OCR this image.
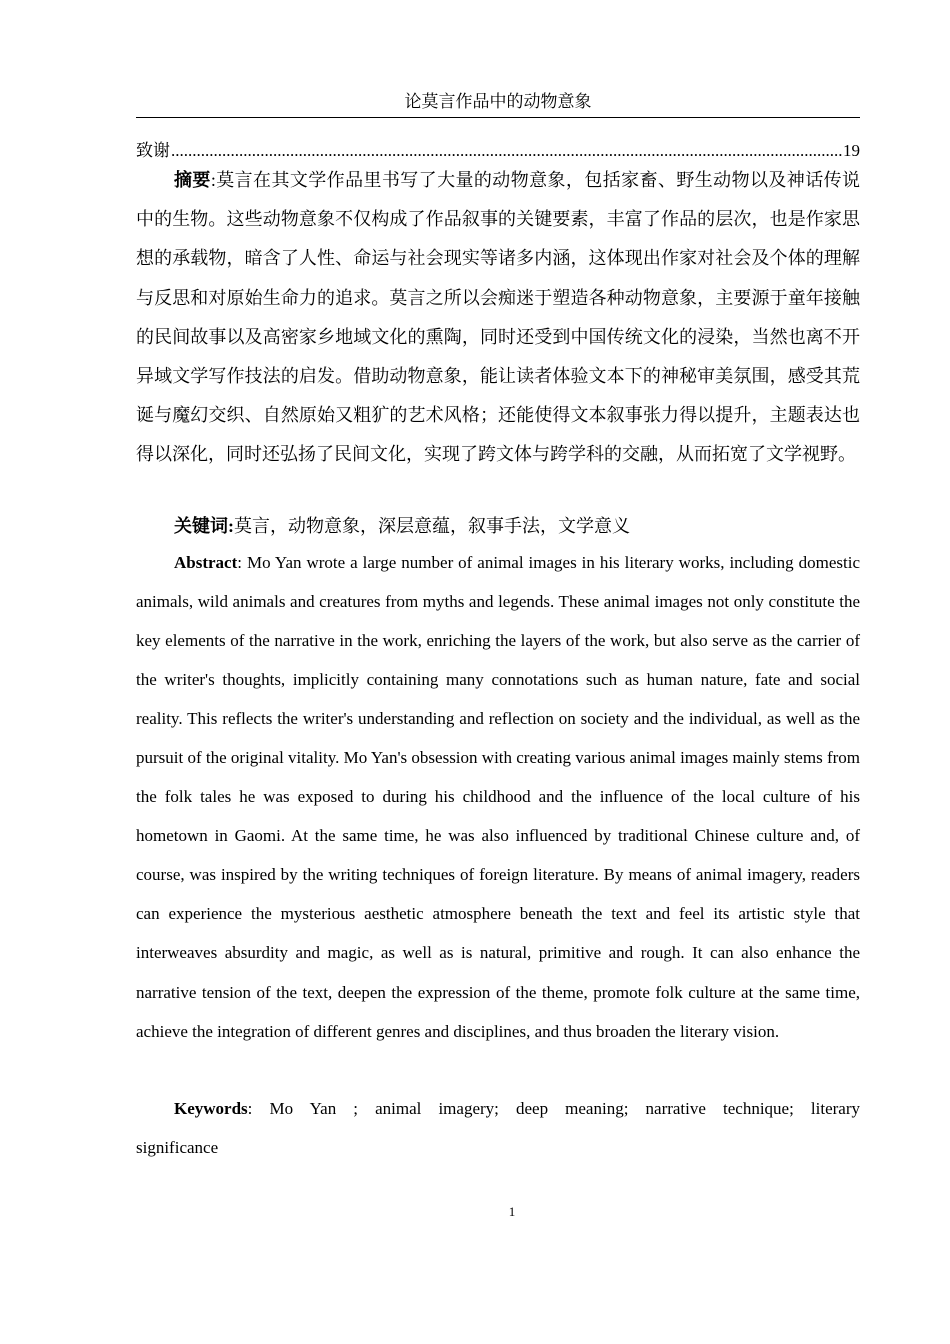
论莫言作品中的动物意象
致谢
.....	19

摘要:莫言在其文学作品里书写了大量的动物意象，包括家畜、野生动物以及神话传说中的生物。这些动物意象不仅构成了作品叙事的关键要素，丰富了作品的层次，也是作家思想的承载物，暗含了人性、命运与社会现实等诸多内涵，这体现出作家对社会及个体的理解与反思和对原始生命力的追求。莫言之所以会痴迷于塑造各种动物意象，主要源于童年接触的民间故事以及高密家乡地域文化的熏陶，同时还受到中国传统文化的浸染，当然也离不开异域文学写作技法的启发。借助动物意象，能让读者体验文本下的神秘审美氛围，感受其荒诞与魔幻交织、自然原始又粗犷的艺术风格；还能使得文本叙事张力得以提升，主题表达也得以深化，同时还弘扬了民间文化，实现了跨文体与跨学科的交融，从而拓宽了文学视野。

关键词:莫言，动物意象，深层意蕴，叙事手法，文学意义

Abstract: Mo Yan wrote a large number of animal images in his literary works, including domestic animals, wild animals and creatures from myths and legends. These animal images not only constitute the key elements of the narrative in the work, enriching the layers of the work, but also serve as the carrier of the writer's thoughts, implicitly containing many connotations such as human nature, fate and social reality. This reflects the writer's understanding and reflection on society and the individual, as well as the pursuit of the original vitality. Mo Yan's obsession with creating various animal images mainly stems from the folk tales he was exposed to during his childhood and the influence of the local culture of his hometown in Gaomi. At the same time, he was also influenced by traditional Chinese culture and, of course, was inspired by the writing techniques of foreign literature. By means of animal imagery, readers can experience the mysterious aesthetic atmosphere beneath the text and feel its artistic style that interweaves absurdity and magic, as well as is natural, primitive and rough. It can also enhance the narrative tension of the text, deepen the expression of the theme, promote folk culture at the same time, achieve the integration of different genres and disciplines, and thus broaden the literary vision.

Keywords: Mo Yan ; animal imagery; deep meaning; narrative technique; literary significance

1
